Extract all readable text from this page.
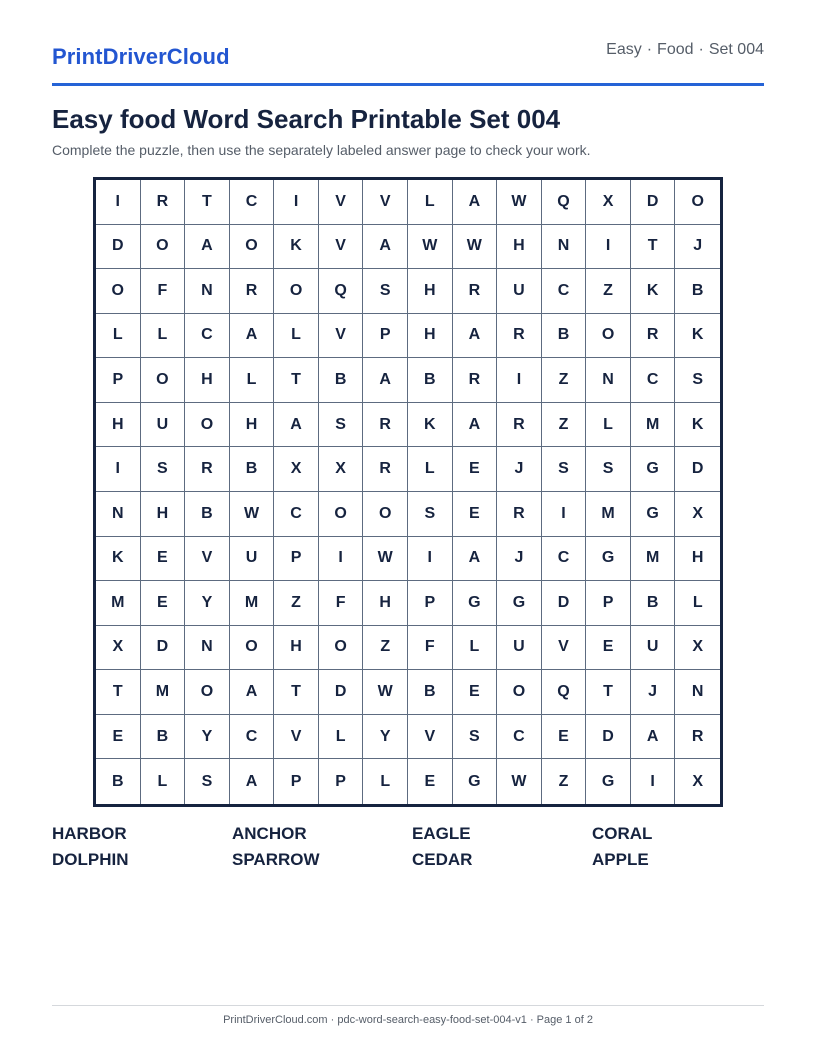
PrintDriverCloud	Easy · Food · Set 004
Easy food Word Search Printable Set 004
Complete the puzzle, then use the separately labeled answer page to check your work.
I	R	T	C	I	V	V	L	A	W	Q	X	D	O
D	O	A	O	K	V	A	W	W	H	N	I	T	J
O	F	N	R	O	Q	S	H	R	U	C	Z	K	B
L	L	C	A	L	V	P	H	A	R	B	O	R	K
P	O	H	L	T	B	A	B	R	I	Z	N	C	S
H	U	O	H	A	S	R	K	A	R	Z	L	M	K
I	S	R	B	X	X	R	L	E	J	S	S	G	D
N	H	B	W	C	O	O	S	E	R	I	M	G	X
K	E	V	U	P	I	W	I	A	J	C	G	M	H
M	E	Y	M	Z	F	H	P	G	G	D	P	B	L
X	D	N	O	H	O	Z	F	L	U	V	E	U	X
T	M	O	A	T	D	W	B	E	O	Q	T	J	N
E	B	Y	C	V	L	Y	V	S	C	E	D	A	R
B	L	S	A	P	P	L	E	G	W	Z	G	I	X
HARBOR	ANCHOR	EAGLE	CORAL
DOLPHIN	SPARROW	CEDAR	APPLE
PrintDriverCloud.com · pdc-word-search-easy-food-set-004-v1 · Page 1 of 2
